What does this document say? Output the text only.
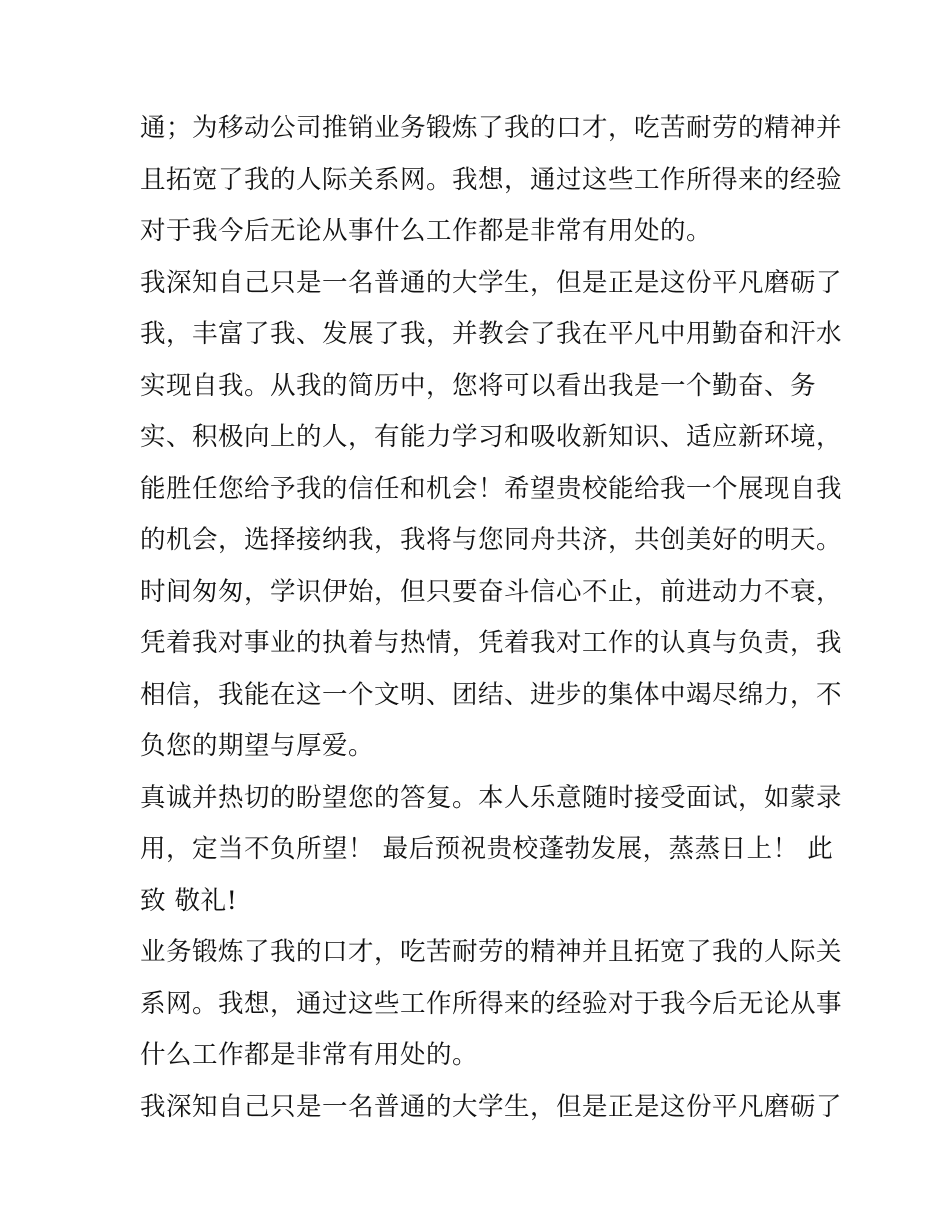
通；为移动公司推销业务锻炼了我的口才，吃苦耐劳的精神并
且拓宽了我的人际关系网。我想，通过这些工作所得来的经验
对于我今后无论从事什么工作都是非常有用处的。
我深知自己只是一名普通的大学生，但是正是这份平凡磨砺了
我，丰富了我、发展了我，并教会了我在平凡中用勤奋和汗水
实现自我。从我的简历中，您将可以看出我是一个勤奋、务
实、积极向上的人，有能力学习和吸收新知识、适应新环境，
能胜任您给予我的信任和机会！希望贵校能给我一个展现自我
的机会，选择接纳我，我将与您同舟共济，共创美好的明天。
时间匆匆，学识伊始，但只要奋斗信心不止，前进动力不衰，
凭着我对事业的执着与热情，凭着我对工作的认真与负责，我
相信，我能在这一个文明、团结、进步的集体中竭尽绵力，不
负您的期望与厚爱。
真诚并热切的盼望您的答复。本人乐意随时接受面试，如蒙录
用，定当不负所望！ 最后预祝贵校蓬勃发展，蒸蒸日上！ 此
致 敬礼!
业务锻炼了我的口才，吃苦耐劳的精神并且拓宽了我的人际关
系网。我想，通过这些工作所得来的经验对于我今后无论从事
什么工作都是非常有用处的。
我深知自己只是一名普通的大学生，但是正是这份平凡磨砺了
